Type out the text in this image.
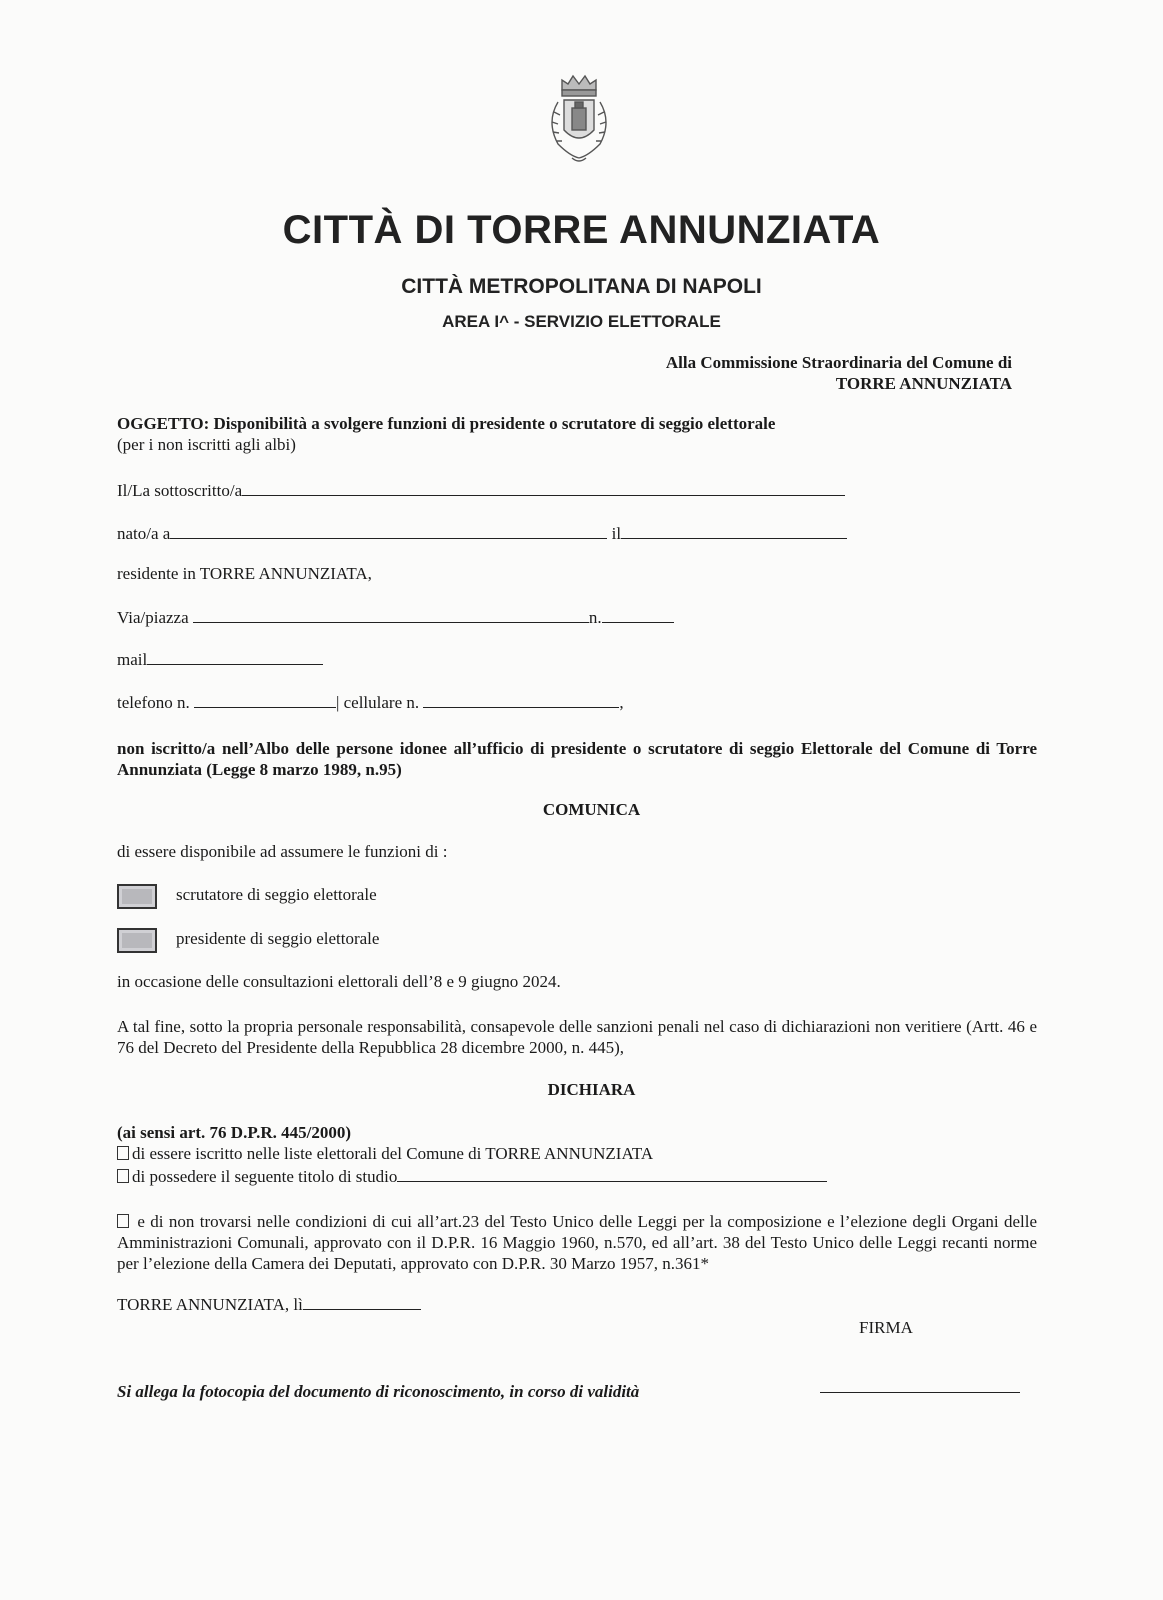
CITTÀ DI TORRE ANNUNZIATA
CITTÀ METROPOLITANA DI NAPOLI
AREA I^ - SERVIZIO ELETTORALE
Alla Commissione Straordinaria del Comune di
TORRE ANNUNZIATA
OGGETTO: Disponibilità a svolgere funzioni di presidente o scrutatore di seggio elettorale
(per i non iscritti agli albi)
Il/La sottoscritto/a
nato/a a	il
residente in TORRE ANNUNZIATA,
Via/piazza	n.
mail
telefono n.	| cellulare n.	,
non iscritto/a nell’Albo delle persone idonee all’ufficio di presidente o scrutatore di seggio Elettorale del Comune di Torre Annunziata (Legge 8 marzo 1989, n.95)
COMUNICA
di essere disponibile ad assumere le funzioni di :
scrutatore di seggio elettorale
presidente di seggio elettorale
in occasione delle consultazioni elettorali dell’8 e 9 giugno 2024.
A tal fine, sotto la propria personale responsabilità, consapevole delle sanzioni penali nel caso di dichiarazioni non veritiere (Artt. 46 e 76 del Decreto del Presidente della Repubblica 28 dicembre 2000, n. 445),
DICHIARA
(ai sensi art. 76 D.P.R. 445/2000)
di essere iscritto nelle liste elettorali del Comune di TORRE ANNUNZIATA
di possedere il seguente titolo di studio
e di non trovarsi nelle condizioni di cui all’art.23 del Testo Unico delle Leggi per la composizione e l’elezione degli Organi delle Amministrazioni Comunali, approvato con il D.P.R. 16 Maggio 1960, n.570, ed all’art. 38 del Testo Unico delle Leggi recanti norme per l’elezione della Camera dei Deputati, approvato con D.P.R. 30 Marzo 1957, n.361*
TORRE ANNUNZIATA, lì
FIRMA
Si allega la fotocopia del documento di riconoscimento, in corso di validità
